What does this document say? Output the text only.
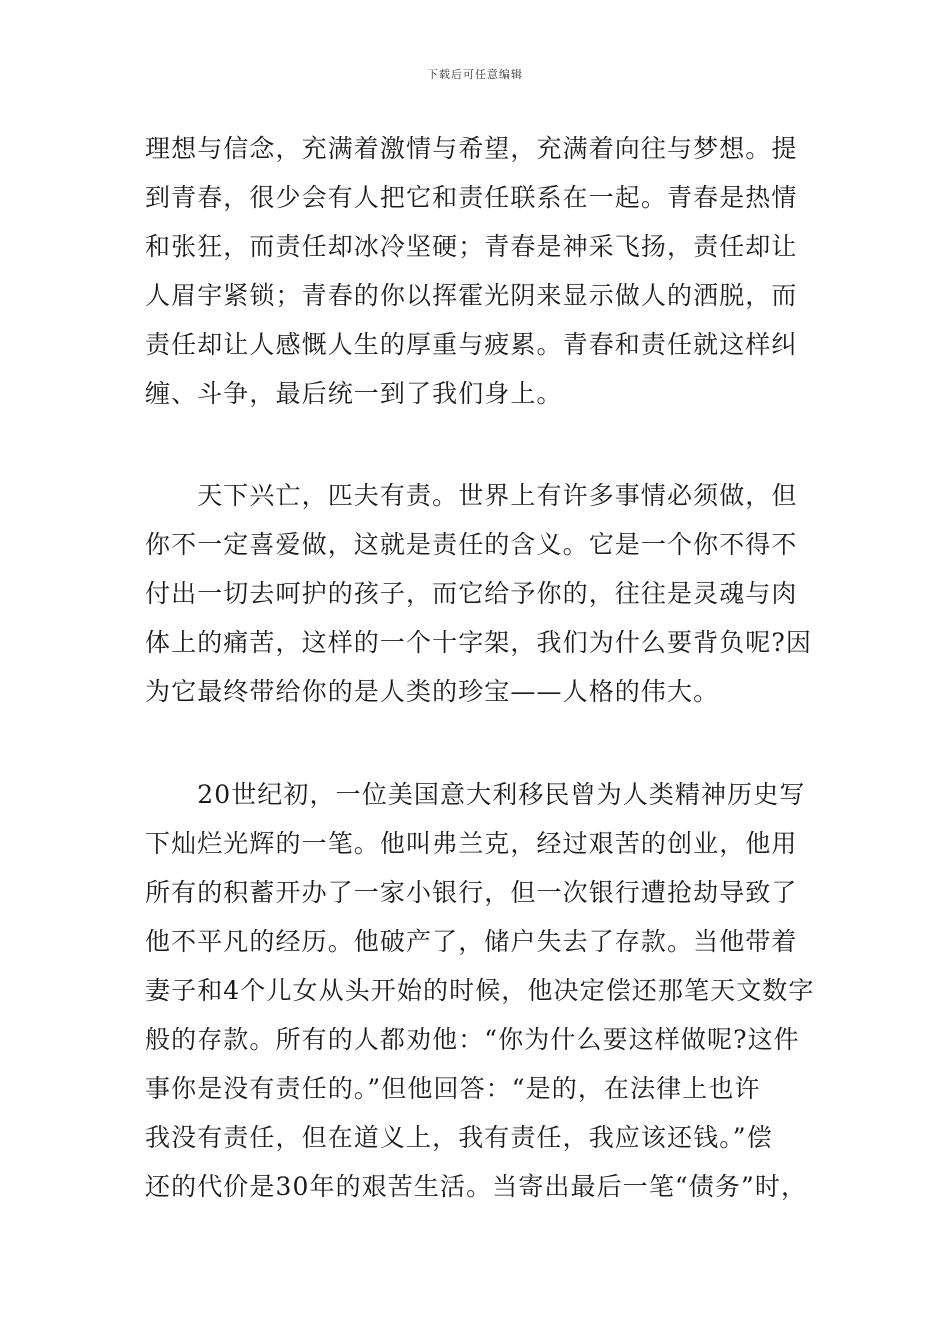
下载后可任意编辑
理想与信念，充满着激情与希望，充满着向往与梦想。提
到青春，很少会有人把它和责任联系在一起。青春是热情
和张狂，而责任却冰冷坚硬；青春是神采飞扬，责任却让
人眉宇紧锁；青春的你以挥霍光阴来显示做人的洒脱，而
责任却让人感慨人生的厚重与疲累。青春和责任就这样纠
缠、斗争，最后统一到了我们身上。
　　天下兴亡，匹夫有责。世界上有许多事情必须做，但
你不一定喜爱做，这就是责任的含义。它是一个你不得不
付出一切去呵护的孩子，而它给予你的，往往是灵魂与肉
体上的痛苦，这样的一个十字架，我们为什么要背负呢?因
为它最终带给你的是人类的珍宝——人格的伟大。
　　20世纪初，一位美国意大利移民曾为人类精神历史写
下灿烂光辉的一笔。他叫弗兰克，经过艰苦的创业，他用
所有的积蓄开办了一家小银行，但一次银行遭抢劫导致了
他不平凡的经历。他破产了，储户失去了存款。当他带着
妻子和4个儿女从头开始的时候，他决定偿还那笔天文数字
般的存款。所有的人都劝他：“你为什么要这样做呢?这件
事你是没有责任的。”但他回答：“是的，在法律上也许
我没有责任，但在道义上，我有责任，我应该还钱。”偿
还的代价是30年的艰苦生活。当寄出最后一笔“债务”时，
